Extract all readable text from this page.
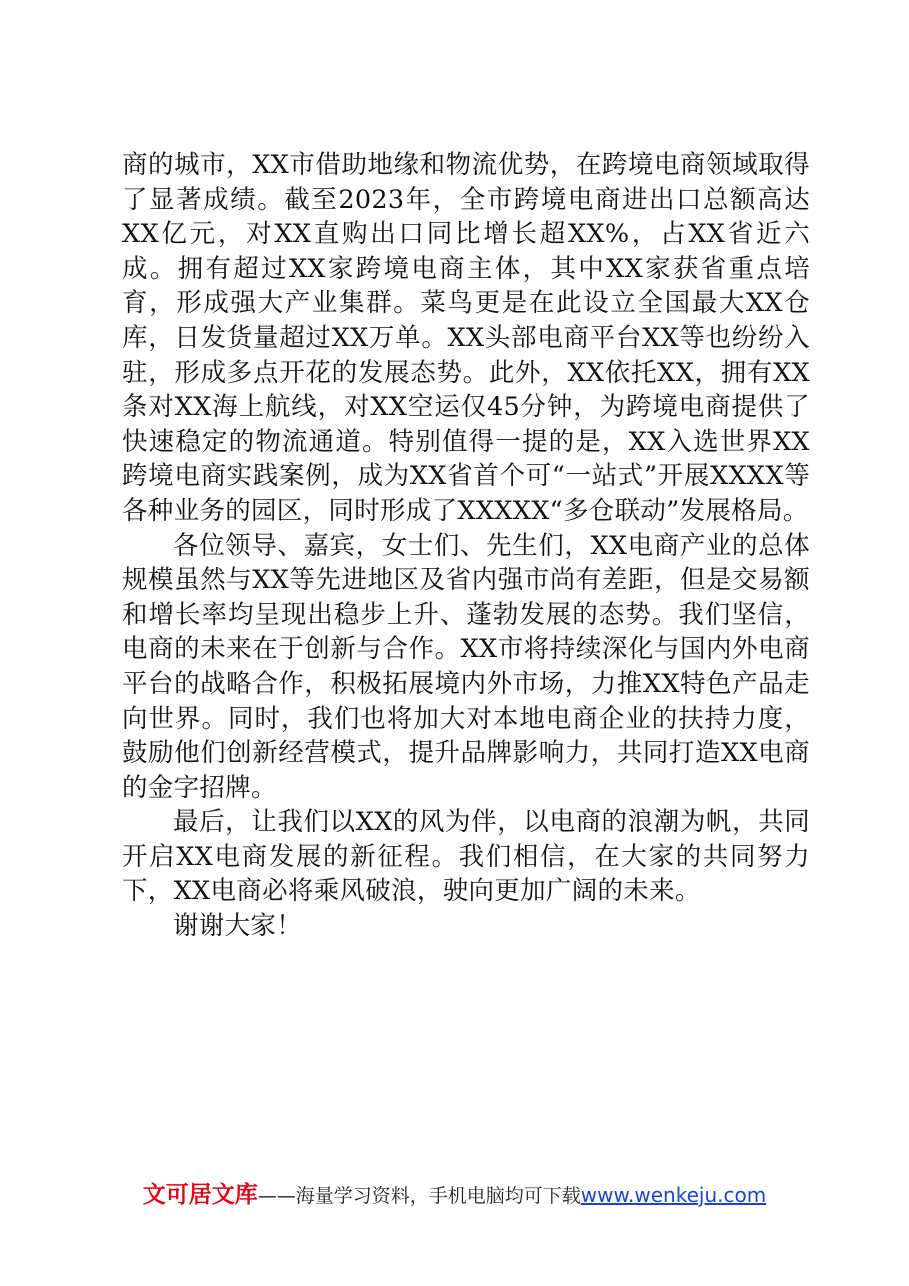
商的城市，XX市借助地缘和物流优势，在跨境电商领域取得了显著成绩。截至2023年，全市跨境电商进出口总额高达XX亿元，对XX直购出口同比增长超XX%，占XX省近六成。拥有超过XX家跨境电商主体，其中XX家获省重点培育，形成强大产业集群。菜鸟更是在此设立全国最大XX仓库，日发货量超过XX万单。XX头部电商平台XX等也纷纷入驻，形成多点开花的发展态势。此外，XX依托XX，拥有XX条对XX海上航线，对XX空运仅45分钟，为跨境电商提供了快速稳定的物流通道。特别值得一提的是，XX入选世界XX跨境电商实践案例，成为XX省首个可“一站式”开展XXXX等各种业务的园区，同时形成了XXXXX“多仓联动”发展格局。

各位领导、嘉宾，女士们、先生们，XX电商产业的总体规模虽然与XX等先进地区及省内强市尚有差距，但是交易额和增长率均呈现出稳步上升、蓬勃发展的态势。我们坚信，电商的未来在于创新与合作。XX市将持续深化与国内外电商平台的战略合作，积极拓展境内外市场，力推XX特色产品走向世界。同时，我们也将加大对本地电商企业的扶持力度，鼓励他们创新经营模式，提升品牌影响力，共同打造XX电商的金字招牌。

最后，让我们以XX的风为伴，以电商的浪潮为帆，共同开启XX电商发展的新征程。我们相信，在大家的共同努力下，XX电商必将乘风破浪，驶向更加广阔的未来。

谢谢大家！

文可居文库——海量学习资料，手机电脑均可下载www.wenkeju.com
